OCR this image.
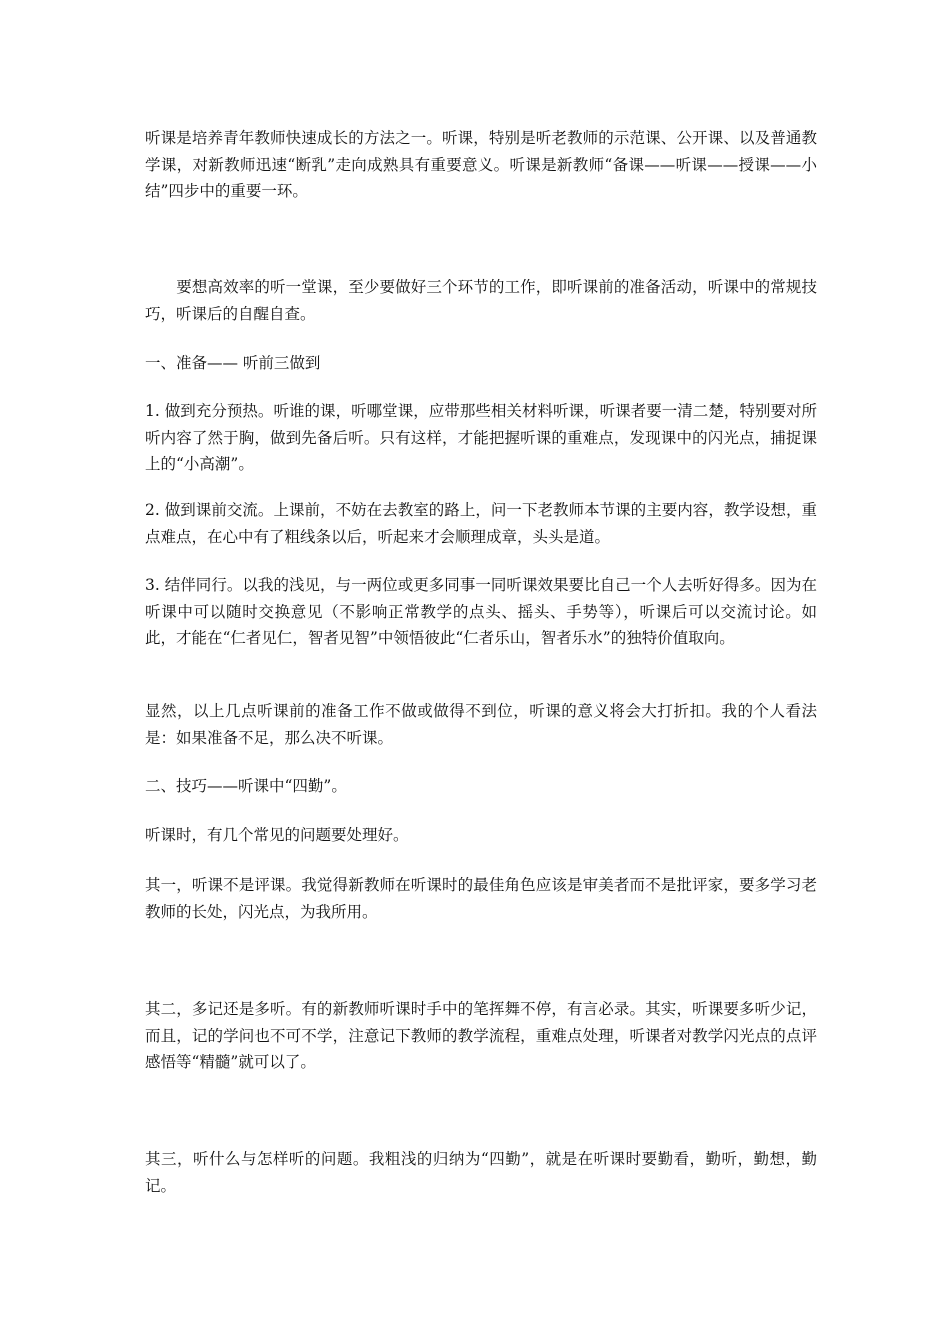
听课是培养青年教师快速成长的方法之一。听课，特别是听老教师的示范课、公开课、以及普通教学课，对新教师迅速“断乳”走向成熟具有重要意义。听课是新教师“备课——听课——授课——小结”四步中的重要一环。

　　要想高效率的听一堂课，至少要做好三个环节的工作，即听课前的准备活动，听课中的常规技巧，听课后的自醒自查。

一、准备—— 听前三做到

1. 做到充分预热。听谁的课，听哪堂课，应带那些相关材料听课，听课者要一清二楚，特别要对所听内容了然于胸，做到先备后听。只有这样，才能把握听课的重难点，发现课中的闪光点，捕捉课上的“小高潮”。

2. 做到课前交流。上课前，不妨在去教室的路上，问一下老教师本节课的主要内容，教学设想，重点难点，在心中有了粗线条以后，听起来才会顺理成章，头头是道。

3. 结伴同行。以我的浅见，与一两位或更多同事一同听课效果要比自己一个人去听好得多。因为在听课中可以随时交换意见（不影响正常教学的点头、摇头、手势等），听课后可以交流讨论。如此，才能在“仁者见仁，智者见智”中领悟彼此“仁者乐山，智者乐水”的独特价值取向。

显然，以上几点听课前的准备工作不做或做得不到位，听课的意义将会大打折扣。我的个人看法是：如果准备不足，那么决不听课。

二、技巧——听课中“四勤”。

听课时，有几个常见的问题要处理好。

其一，听课不是评课。我觉得新教师在听课时的最佳角色应该是审美者而不是批评家，要多学习老教师的长处，闪光点，为我所用。

其二，多记还是多听。有的新教师听课时手中的笔挥舞不停，有言必录。其实，听课要多听少记，而且，记的学问也不可不学，注意记下教师的教学流程，重难点处理，听课者对教学闪光点的点评感悟等“精髓”就可以了。

其三，听什么与怎样听的问题。我粗浅的归纳为“四勤”，就是在听课时要勤看，勤听，勤想，勤记。
